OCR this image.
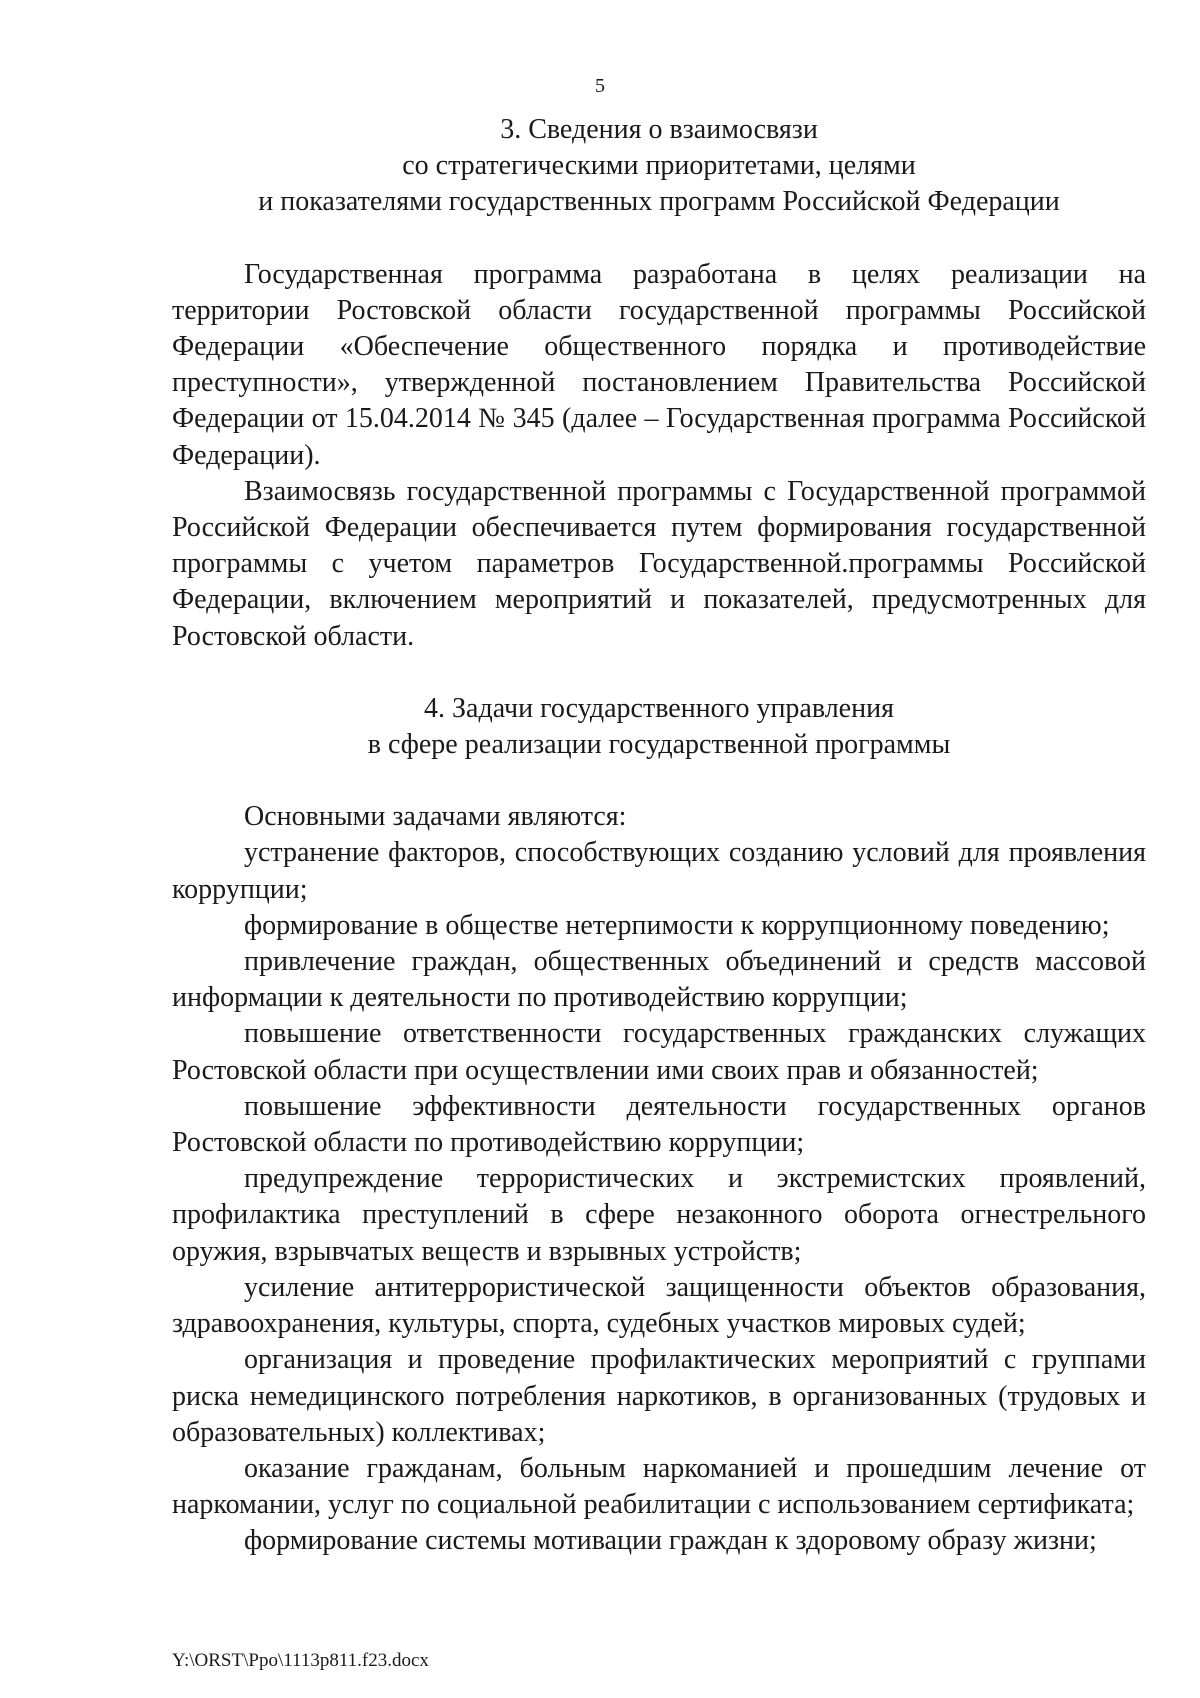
5
3. Сведения о взаимосвязи
со стратегическими приоритетами, целями
и показателями государственных программ Российской Федерации

Государственная программа разработана в целях реализации на территории Ростовской области государственной программы Российской Федерации «Обеспечение общественного порядка и противодействие преступности», утвержденной постановлением Правительства Российской Федерации от 15.04.2014 № 345 (далее – Государственная программа Российской Федерации).

Взаимосвязь государственной программы с Государственной программой Российской Федерации обеспечивается путем формирования государственной программы с учетом параметров Государственной.программы Российской Федерации, включением мероприятий и показателей, предусмотренных для Ростовской области.

4. Задачи государственного управления
в сфере реализации государственной программы

Основными задачами являются:

устранение факторов, способствующих созданию условий для проявления коррупции;

формирование в обществе нетерпимости к коррупционному поведению;

привлечение граждан, общественных объединений и средств массовой информации к деятельности по противодействию коррупции;

повышение ответственности государственных гражданских служащих Ростовской области при осуществлении ими своих прав и обязанностей;

повышение эффективности деятельности государственных органов Ростовской области по противодействию коррупции;

предупреждение террористических и экстремистских проявлений, профилактика преступлений в сфере незаконного оборота огнестрельного оружия, взрывчатых веществ и взрывных устройств;

усиление антитеррористической защищенности объектов образования, здравоохранения, культуры, спорта, судебных участков мировых судей;

организация и проведение профилактических мероприятий с группами риска немедицинского потребления наркотиков, в организованных (трудовых и образовательных) коллективах;

оказание гражданам, больным наркоманией и прошедшим лечение от наркомании, услуг по социальной реабилитации с использованием сертификата;

формирование системы мотивации граждан к здоровому образу жизни;

Y:\ORST\Ppo\1113p811.f23.docx
